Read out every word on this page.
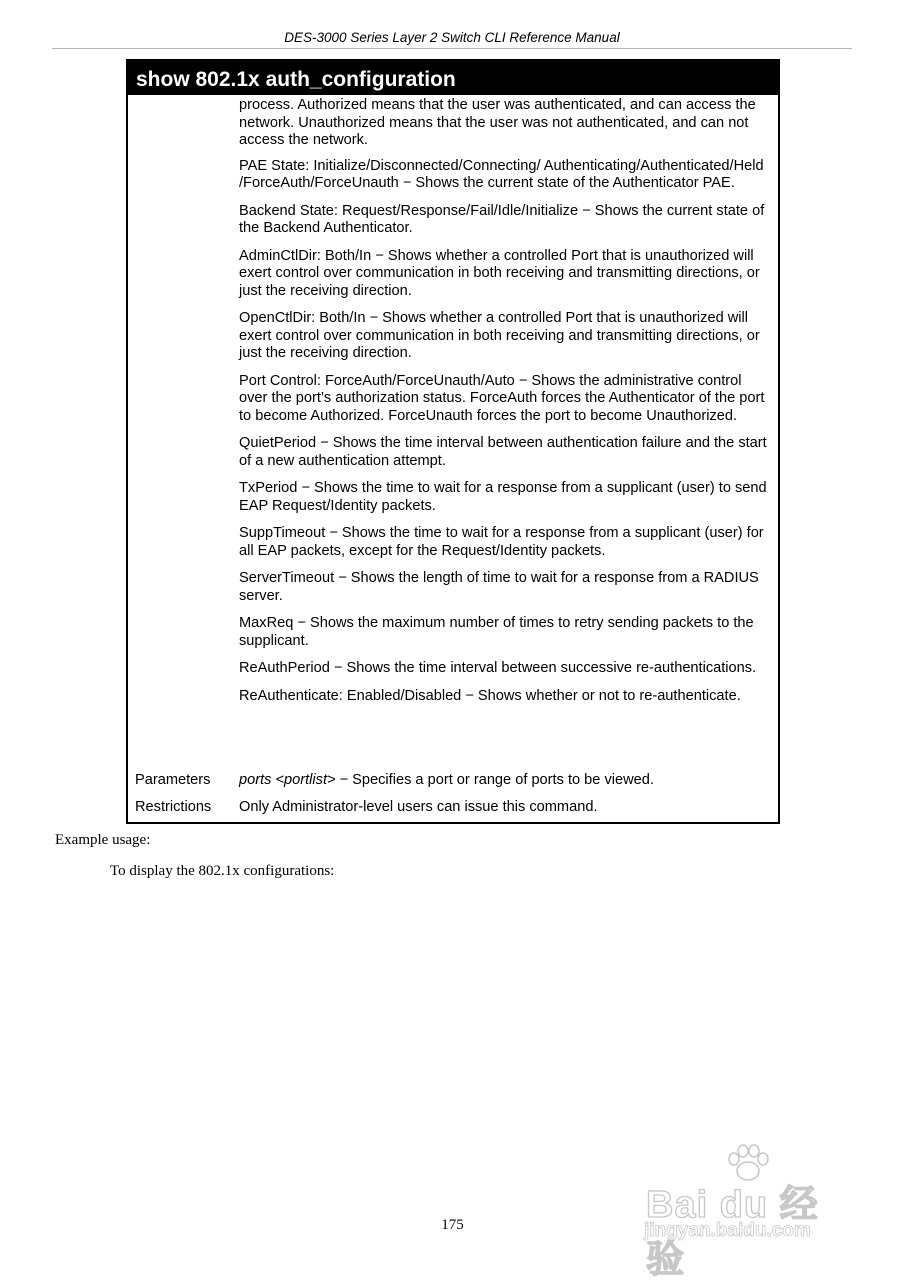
DES-3000 Series Layer 2 Switch CLI Reference Manual
show 802.1x auth_configuration

process. Authorized means that the user was authenticated, and can access the network. Unauthorized means that the user was not authenticated, and can not access the network.

PAE State: Initialize/Disconnected/Connecting/ Authenticating/Authenticated/Held /ForceAuth/ForceUnauth − Shows the current state of the Authenticator PAE.

Backend State: Request/Response/Fail/Idle/Initialize − Shows the current state of the Backend Authenticator.

AdminCtlDir: Both/In − Shows whether a controlled Port that is unauthorized will exert control over communication in both receiving and transmitting directions, or just the receiving direction.

OpenCtlDir: Both/In − Shows whether a controlled Port that is unauthorized will exert control over communication in both receiving and transmitting directions, or just the receiving direction.

Port Control: ForceAuth/ForceUnauth/Auto − Shows the administrative control over the port’s authorization status. ForceAuth forces the Authenticator of the port to become Authorized. ForceUnauth forces the port to become Unauthorized.

QuietPeriod − Shows the time interval between authentication failure and the start of a new authentication attempt.

TxPeriod − Shows the time to wait for a response from a supplicant (user) to send EAP Request/Identity packets.

SuppTimeout − Shows the time to wait for a response from a supplicant (user) for all EAP packets, except for the Request/Identity packets.

ServerTimeout − Shows the length of time to wait for a response from a RADIUS server.

MaxReq − Shows the maximum number of times to retry sending packets to the supplicant.

ReAuthPeriod − Shows the time interval between successive re-authentications.

ReAuthenticate: Enabled/Disabled − Shows whether or not to re-authenticate.

Parameters ports <portlist> − Specifies a port or range of ports to be viewed.
Restrictions Only Administrator-level users can issue this command.
Example usage:
To display the 802.1x configurations:
Bai du 经验
jingyan.baidu.com
175
